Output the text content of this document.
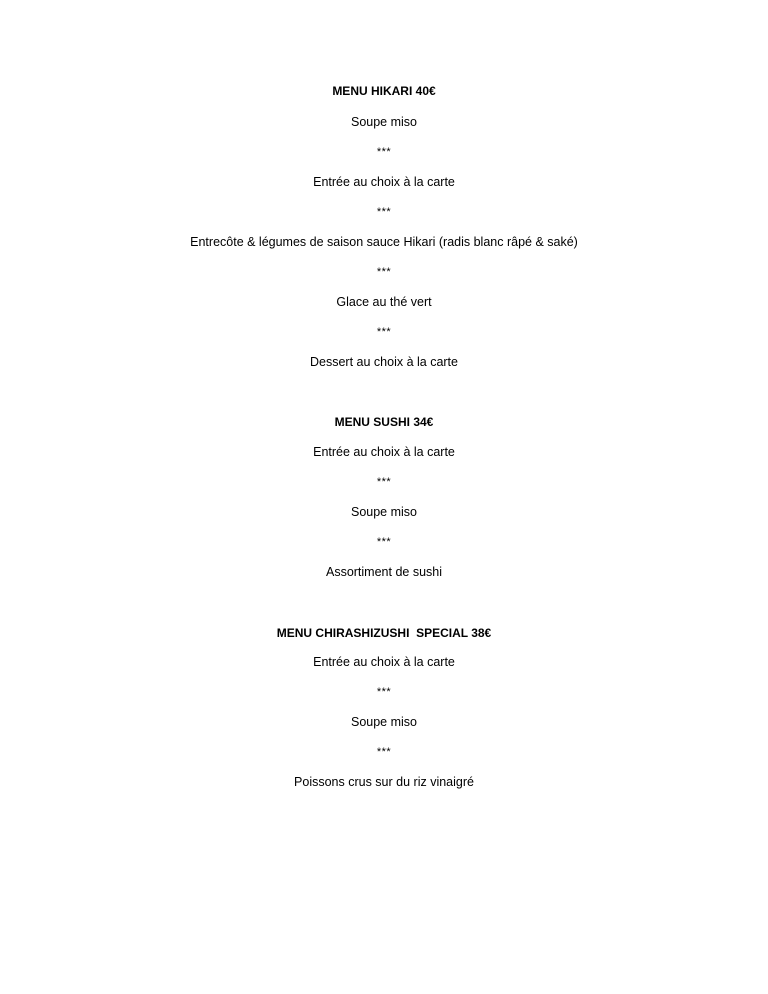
MENU HIKARI 40€
Soupe miso
***
Entrée au choix à la carte
***
Entrecôte & légumes de saison sauce Hikari (radis blanc râpé & saké)
***
Glace au thé vert
***
Dessert au choix à la carte
MENU SUSHI 34€
Entrée au choix à la carte
***
Soupe miso
***
Assortiment de sushi
MENU CHIRASHIZUSHI  SPECIAL 38€
Entrée au choix à la carte
***
Soupe miso
***
Poissons crus sur du riz vinaigré
